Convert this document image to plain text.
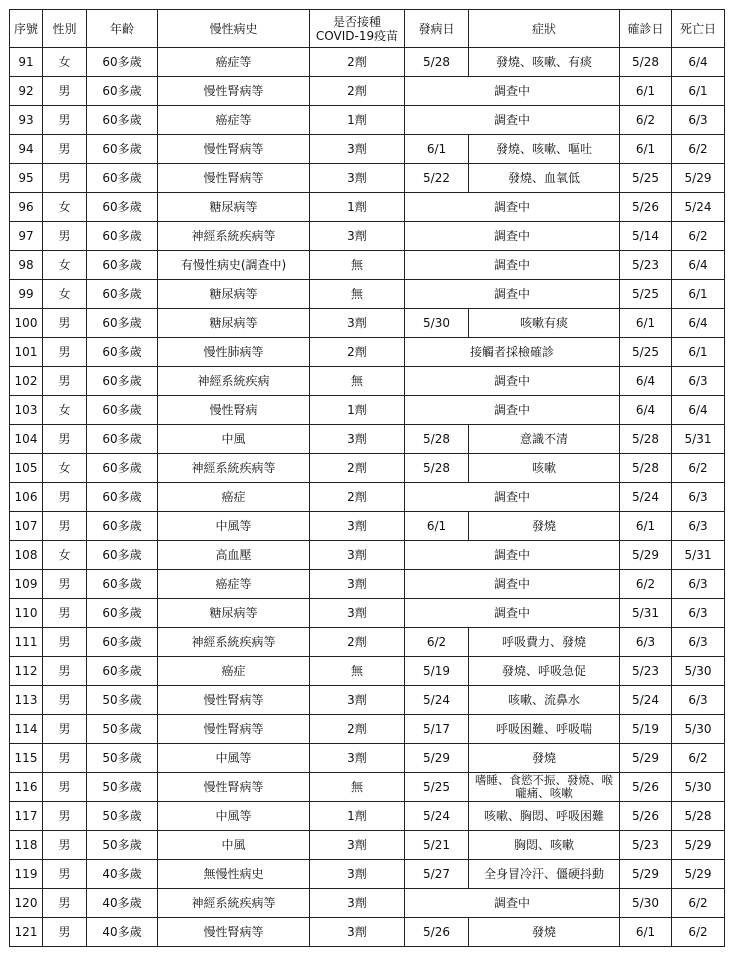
序號	性別	年齡	慢性病史	是否接種COVID-19疫苗	發病日	症狀	確診日	死亡日
91	女	60多歲	癌症等	2劑	5/28	發燒、咳嗽、有痰	5/28	6/4
92	男	60多歲	慢性腎病等	2劑	調查中		6/1	6/1
93	男	60多歲	癌症等	1劑	調查中		6/2	6/3
94	男	60多歲	慢性腎病等	3劑	6/1	發燒、咳嗽、嘔吐	6/1	6/2
95	男	60多歲	慢性腎病等	3劑	5/22	發燒、血氧低	5/25	5/29
96	女	60多歲	糖尿病等	1劑	調查中		5/26	5/24
97	男	60多歲	神經系統疾病等	3劑	調查中		5/14	6/2
98	女	60多歲	有慢性病史(調查中)	無	調查中		5/23	6/4
99	女	60多歲	糖尿病等	無	調查中		5/25	6/1
100	男	60多歲	糖尿病等	3劑	5/30	咳嗽有痰	6/1	6/4
101	男	60多歲	慢性肺病等	2劑	接觸者採檢確診		5/25	6/1
102	男	60多歲	神經系統疾病	無	調查中		6/4	6/3
103	女	60多歲	慢性腎病	1劑	調查中		6/4	6/4
104	男	60多歲	中風	3劑	5/28	意識不清	5/28	5/31
105	女	60多歲	神經系統疾病等	2劑	5/28	咳嗽	5/28	6/2
106	男	60多歲	癌症	2劑	調查中		5/24	6/3
107	男	60多歲	中風等	3劑	6/1	發燒	6/1	6/3
108	女	60多歲	高血壓	3劑	調查中		5/29	5/31
109	男	60多歲	癌症等	3劑	調查中		6/2	6/3
110	男	60多歲	糖尿病等	3劑	調查中		5/31	6/3
111	男	60多歲	神經系統疾病等	2劑	6/2	呼吸費力、發燒	6/3	6/3
112	男	60多歲	癌症	無	5/19	發燒、呼吸急促	5/23	5/30
113	男	50多歲	慢性腎病等	3劑	5/24	咳嗽、流鼻水	5/24	6/3
114	男	50多歲	慢性腎病等	2劑	5/17	呼吸困難、呼吸喘	5/19	5/30
115	男	50多歲	中風等	3劑	5/29	發燒	5/29	6/2
116	男	50多歲	慢性腎病等	無	5/25	嗜睡、食慾不振、發燒、喉嚨痛、咳嗽	5/26	5/30
117	男	50多歲	中風等	1劑	5/24	咳嗽、胸悶、呼吸困難	5/26	5/28
118	男	50多歲	中風	3劑	5/21	胸悶、咳嗽	5/23	5/29
119	男	40多歲	無慢性病史	3劑	5/27	全身冒冷汗、僵硬抖動	5/29	5/29
120	男	40多歲	神經系統疾病等	3劑	調查中		5/30	6/2
121	男	40多歲	慢性腎病等	3劑	5/26	發燒	6/1	6/2
